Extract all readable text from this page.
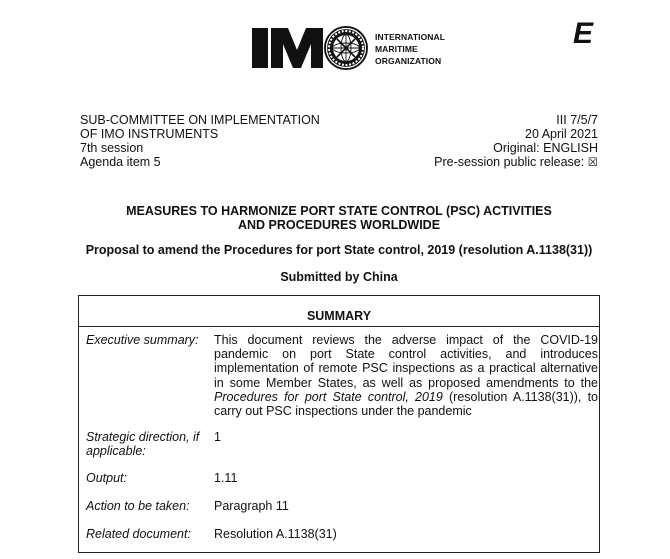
INTERNATIONAL
MARITIME
ORGANIZATION
E
SUB-COMMITTEE ON IMPLEMENTATION
OF IMO INSTRUMENTS
7th session
Agenda item 5
III 7/5/7
20 April 2021
Original: ENGLISH
Pre-session public release: ☒
MEASURES TO HARMONIZE PORT STATE CONTROL (PSC) ACTIVITIES
AND PROCEDURES WORLDWIDE
Proposal to amend the Procedures for port State control, 2019 (resolution A.1138(31))
Submitted by China
SUMMARY
Executive summary: This document reviews the adverse impact of the COVID-19
pandemic on port State control activities, and introduces
implementation of remote PSC inspections as a practical alternative
in some Member States, as well as proposed amendments to the
Procedures for port State control, 2019 (resolution A.1138(31)), to
carry out PSC inspections under the pandemic
Strategic direction, if
applicable:
1
Output:	1.11
Action to be taken: Paragraph 11
Related document: Resolution A.1138(31)
